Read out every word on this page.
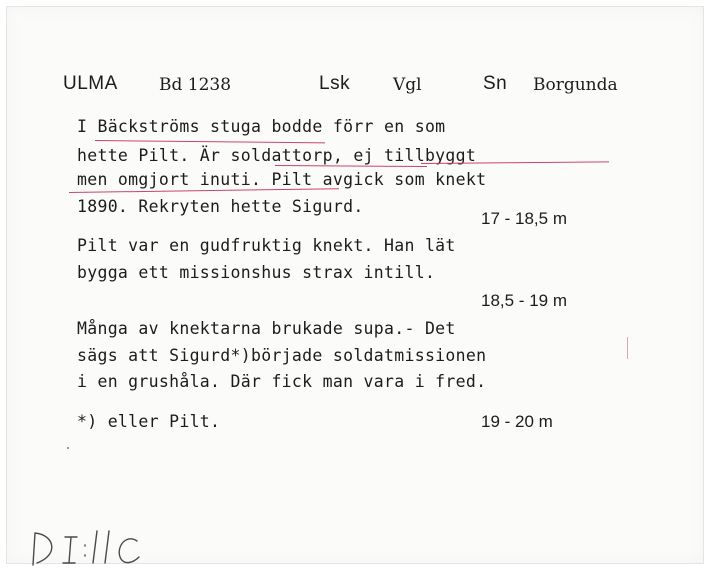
ULMA Bd 1238	Lsk	Vgl	Sn Borgunda
I Bäckströms stuga bodde förr en som
hette Pilt. Är soldattorp, ej tillbyggt
men omgjort inuti. Pilt avgick som knekt
1890. Rekryten hette Sigurd.
Pilt var en gudfruktig knekt. Han lät
bygga ett missionshus strax intill.
Många av knektarna brukade supa.- Det
sägs att Sigurd*)började soldatmissionen
i en grushåla. Där fick man vara i fred.
*) eller Pilt.
17 - 18,5 m
18,5 - 19 m
19 - 20 m
